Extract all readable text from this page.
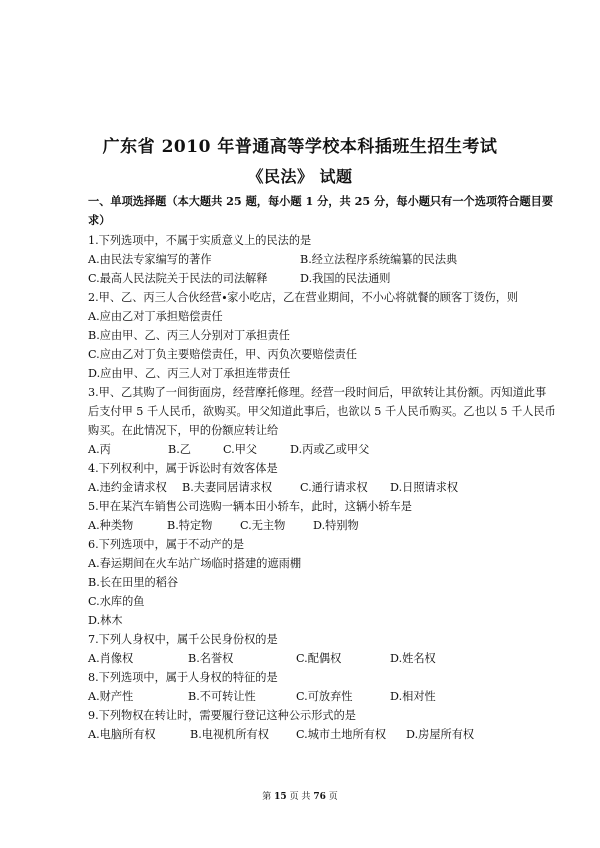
广东省 2010 年普通高等学校本科插班生招生考试
《民法》 试题
一、单项选择题（本大题共 25 题，每小题 1 分，共 25 分，每小题只有一个选项符合题目要
求）
1.下列选项中，不属于实质意义上的民法的是
A.由民法专家编写的著作	B.经立法程序系统编纂的民法典
C.最高人民法院关于民法的司法解释	D.我国的民法通则
2.甲、乙、丙三人合伙经营∙家小吃店，乙在营业期间，不小心将就餐的顾客丁烫伤，则
A.应由乙对丁承担赔偿责任
B.应由甲、乙、丙三人分别对丁承担责任
C.应由乙对丁负主要赔偿责任，甲、丙负次要赔偿责任
D.应由甲、乙、丙三人对丁承担连带责任
3.甲、乙其购了一间街面房，经营摩托修理。经营一段时间后，甲欲转让其份额。丙知道此事
后支付甲 5 千人民币，欲购买。甲父知道此事后，也欲以 5 千人民币购买。乙也以 5 千人民币
购买。在此情况下，甲的份额应转让给
A.丙	B.乙	C.甲父	D.丙或乙或甲父
4.下列权利中，属于诉讼时有效客体是
A.违约金请求权 B.夫妻同居请求权 C.通行请求权 D.日照请求权
5.甲在某汽车销售公司选购一辆本田小轿车，此时，这辆小轿车是
A.种类物	B.特定物 C.无主物 D.特别物
6.下列选项中，属于不动产的是
A.春运期间在火车站广场临时搭建的遮雨棚
B.长在田里的稻谷
C.水库的鱼
D.林木
7.下列人身权中，属千公民身份权的是
A.肖像权	B.名誉权	C.配偶权	D.姓名权
8.下列选项中，属于人身权的特征的是
A.财产性	B.不可转让性	C.可放弃性	D.相对性
9.下列物权在转让时，需要履行登记这种公示形式的是
A.电脑所有权	B.电视机所有权 C.城市土地所有权 D.房屋所有权
第 15 页 共 76 页
